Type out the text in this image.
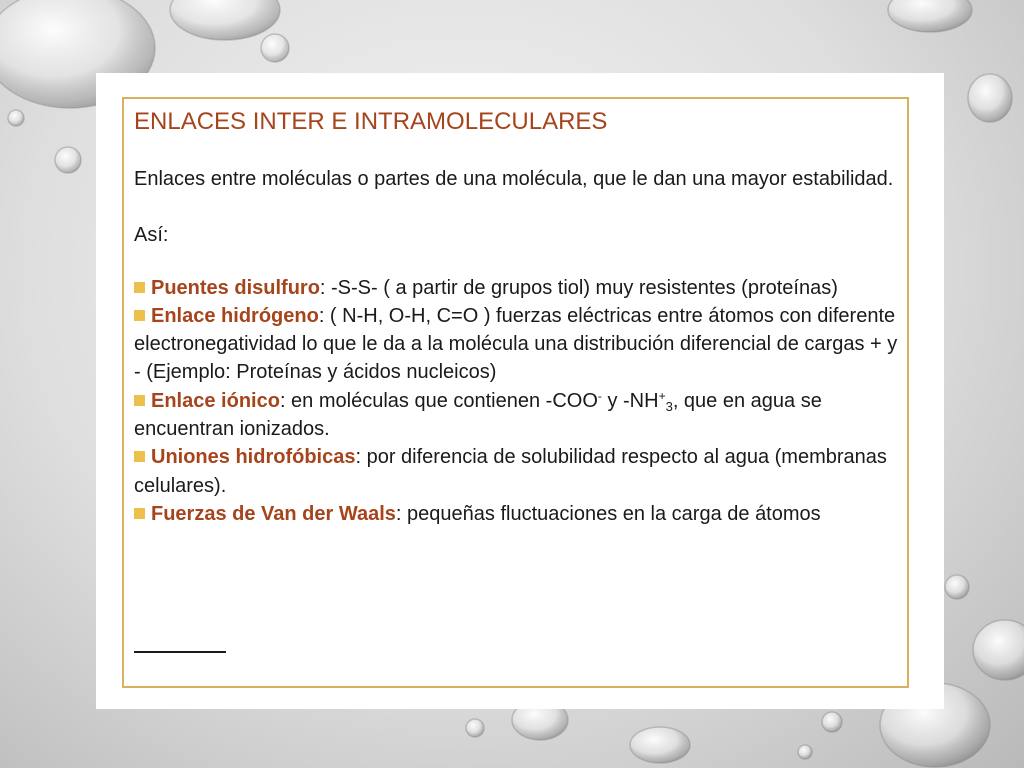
ENLACES INTER E INTRAMOLECULARES

Enlaces entre moléculas o partes de una molécula, que le dan una mayor estabilidad.

Así:

Puentes disulfuro: -S-S- ( a partir de grupos tiol) muy resistentes (proteínas)

Enlace hidrógeno: ( N-H, O-H, C=O ) fuerzas eléctricas entre átomos con diferente electronegatividad lo que le da a la molécula una distribución diferencial de cargas + y - (Ejemplo: Proteínas y ácidos nucleicos)

Enlace iónico: en moléculas que contienen -COO- y $-NH^+_3$, que en agua se encuentran ionizados.

Uniones hidrofóbicas: por diferencia de solubilidad respecto al agua (membranas celulares).

Fuerzas de Van der Waals: pequeñas fluctuaciones en la carga de átomos
